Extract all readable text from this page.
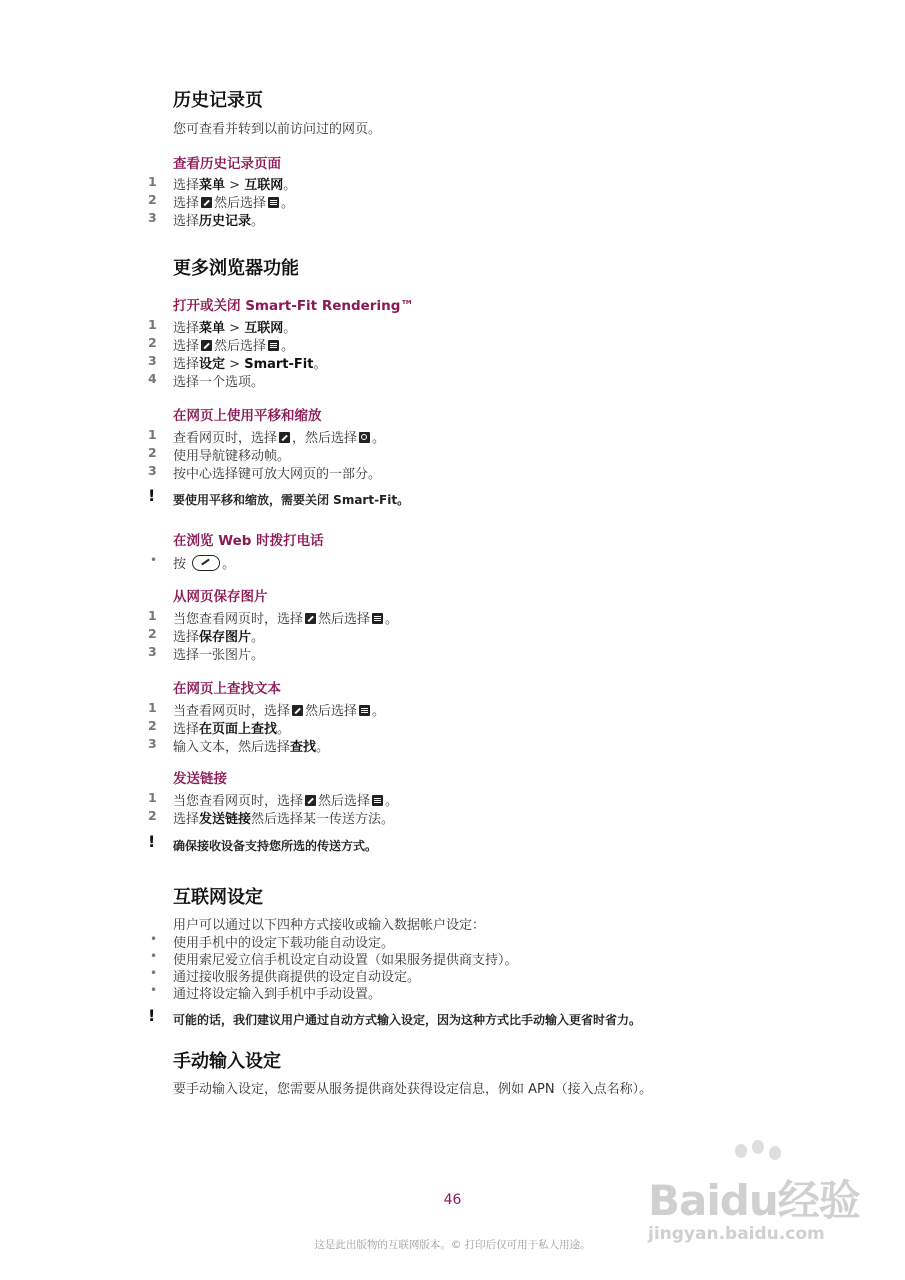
历史记录页
您可查看并转到以前访问过的网页。
查看历史记录页面
1	选择菜单 > 互联网。
2	选择 然后选择 。
3	选择历史记录。
更多浏览器功能
打开或关闭 Smart-Fit Rendering™
1	选择菜单 > 互联网。
2	选择 然后选择 。
3	选择设定 > Smart-Fit。
4	选择一个选项。
在网页上使用平移和缩放
1	查看网页时，选择 ，然后选择 。
2	使用导航键移动帧。
3	按中心选择键可放大网页的一部分。
! 要使用平移和缩放，需要关闭 Smart-Fit。
在浏览 Web 时拨打电话
• 按	。
从网页保存图片
1	当您查看网页时，选择 然后选择 。
2	选择保存图片。
3	选择一张图片。
在网页上查找文本
1	当查看网页时，选择 然后选择 。
2	选择在页面上查找。
3	输入文本，然后选择查找。
发送链接
1	当您查看网页时，选择 然后选择 。
2	选择发送链接然后选择某一传送方法。
! 确保接收设备支持您所选的传送方式。
互联网设定
用户可以通过以下四种方式接收或输入数据帐户设定：
• 使用手机中的设定下载功能自动设定。
• 使用索尼爱立信手机设定自动设置（如果服务提供商支持）。
• 通过接收服务提供商提供的设定自动设定。
• 通过将设定输入到手机中手动设置。
! 可能的话，我们建议用户通过自动方式输入设定，因为这种方式比手动输入更省时省力。
手动输入设定
要手动输入设定，您需要从服务提供商处获得设定信息，例如 APN（接入点名称）。
46
这是此出版物的互联网版本。© 打印后仅可用于私人用途。
Baidu经验
jingyan.baidu.com
